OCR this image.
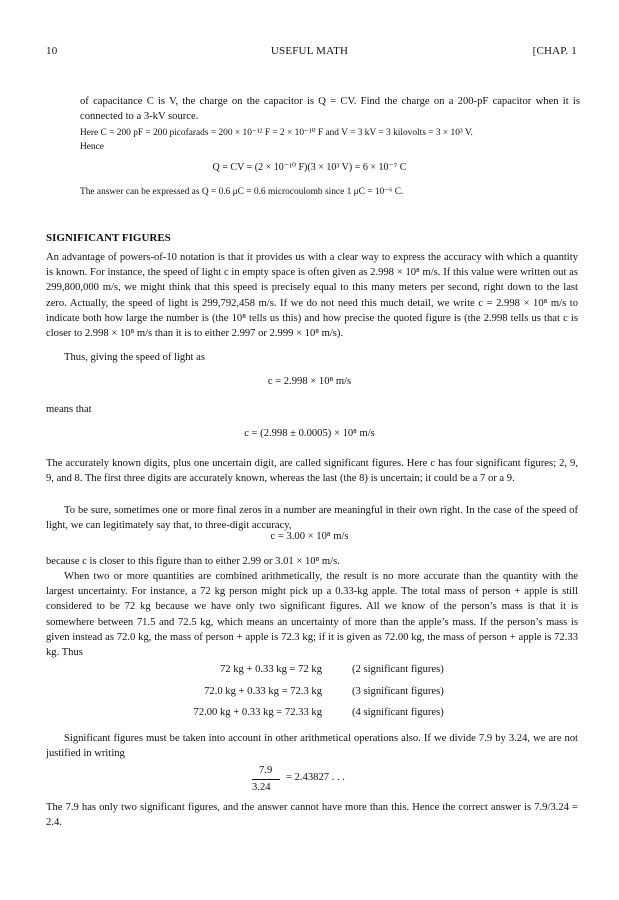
10	USEFUL MATH	[CHAP. 1
of capacitance C is V, the charge on the capacitor is Q = CV. Find the charge on a 200-pF capacitor when it is connected to a 3-kV source.
Here C = 200 pF = 200 picofarads = 200 × 10⁻¹² F = 2 × 10⁻¹⁰ F and V = 3 kV = 3 kilovolts = 3 × 10³ V.
Hence
Q = CV = (2 × 10⁻¹⁰ F)(3 × 10³ V) = 6 × 10⁻⁷ C
The answer can be expressed as Q = 0.6 μC = 0.6 microcoulomb since 1 μC = 10⁻⁶ C.
SIGNIFICANT FIGURES
An advantage of powers-of-10 notation is that it provides us with a clear way to express the accuracy with which a quantity is known. For instance, the speed of light c in empty space is often given as 2.998 × 10⁸ m/s. If this value were written out as 299,800,000 m/s, we might think that this speed is precisely equal to this many meters per second, right down to the last zero. Actually, the speed of light is 299,792,458 m/s. If we do not need this much detail, we write c = 2.998 × 10⁸ m/s to indicate both how large the number is (the 10⁸ tells us this) and how precise the quoted figure is (the 2.998 tells us that c is closer to 2.998 × 10⁸ m/s than it is to either 2.997 or 2.999 × 10⁸ m/s).
Thus, giving the speed of light as
c = 2.998 × 10⁸ m/s
means that
c = (2.998 ± 0.0005) × 10⁸ m/s
The accurately known digits, plus one uncertain digit, are called significant figures. Here c has four significant figures; 2, 9, 9, and 8. The first three digits are accurately known, whereas the last (the 8) is uncertain; it could be a 7 or a 9.
To be sure, sometimes one or more final zeros in a number are meaningful in their own right. In the case of the speed of light, we can legitimately say that, to three-digit accuracy,
c = 3.00 × 10⁸ m/s
because c is closer to this figure than to either 2.99 or 3.01 × 10⁸ m/s.
When two or more quantities are combined arithmetically, the result is no more accurate than the quantity with the largest uncertainty. For instance, a 72 kg person might pick up a 0.33-kg apple. The total mass of person + apple is still considered to be 72 kg because we have only two significant figures. All we know of the person’s mass is that it is somewhere between 71.5 and 72.5 kg, which means an uncertainty of more than the apple’s mass. If the person’s mass is given instead as 72.0 kg, the mass of person + apple is 72.3 kg; if it is given as 72.00 kg, the mass of person + apple is 72.33 kg. Thus
72 kg + 0.33 kg = 72 kg	(2 significant figures)
72.0 kg + 0.33 kg = 72.3 kg	(3 significant figures)
72.00 kg + 0.33 kg = 72.33 kg	(4 significant figures)
Significant figures must be taken into account in other arithmetical operations also. If we divide 7.9 by 3.24, we are not justified in writing
7.9
3.24
= 2.43827 . . .
The 7.9 has only two significant figures, and the answer cannot have more than this. Hence the correct answer is 7.9/3.24 = 2.4.
